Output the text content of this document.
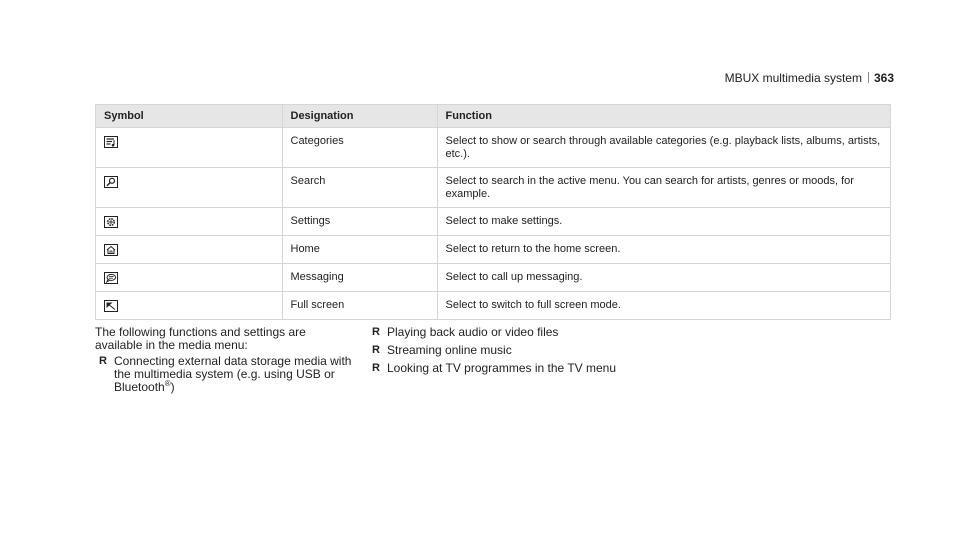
MBUX multimedia system 363
Symbol	Designation	Function

	Categories	Select to show or search through available categories (e.g. playback lists, albums, artists, etc.).

	Search	Select to search in the active menu. You can search for artists, genres or moods, for example.

	Settings	Select to make settings.

	Home	Select to return to the home screen.

	Messaging	Select to call up messaging.

	Full screen	Select to switch to full screen mode.

The following functions and settings are available in the media menu:

R Connecting external data storage media with the multimedia system (e.g. using USB or Bluetooth®)
R Playing back audio or video files
R Streaming online music
R Looking at TV programmes in the TV menu
